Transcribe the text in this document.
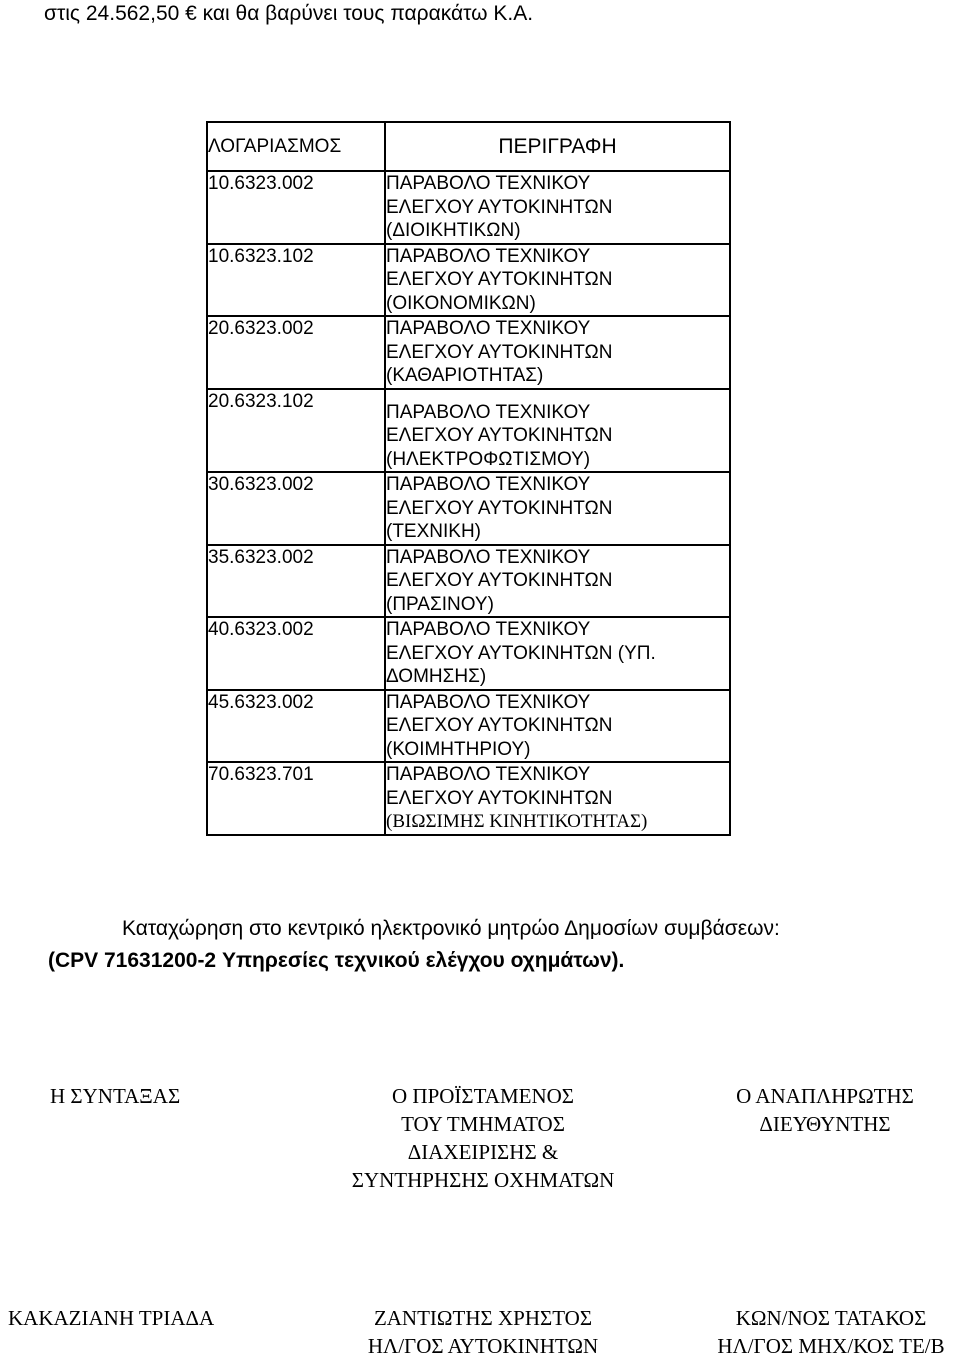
στις 24.562,50 € και θα βαρύνει τους παρακάτω Κ.Α.
ΛΟΓΑΡΙΑΣΜΟΣ	ΠΕΡΙΓΡΑΦΗ
10.6323.002	ΠΑΡΑΒΟΛΟ ΤΕΧΝΙΚΟΥ
ΕΛΕΓΧΟΥ ΑΥΤΟΚΙΝΗΤΩΝ
(ΔΙΟΙΚΗΤΙΚΩΝ)

10.6323.102	ΠΑΡΑΒΟΛΟ ΤΕΧΝΙΚΟΥ
ΕΛΕΓΧΟΥ ΑΥΤΟΚΙΝΗΤΩΝ
(ΟΙΚΟΝΟΜΙΚΩΝ)

20.6323.002	ΠΑΡΑΒΟΛΟ ΤΕΧΝΙΚΟΥ
ΕΛΕΓΧΟΥ ΑΥΤΟΚΙΝΗΤΩΝ
(ΚΑΘΑΡΙΟΤΗΤΑΣ)

20.6323.102	ΠΑΡΑΒΟΛΟ ΤΕΧΝΙΚΟΥ
ΕΛΕΓΧΟΥ ΑΥΤΟΚΙΝΗΤΩΝ
(ΗΛΕΚΤΡΟΦΩΤΙΣΜΟΥ)

30.6323.002	ΠΑΡΑΒΟΛΟ ΤΕΧΝΙΚΟΥ
ΕΛΕΓΧΟΥ ΑΥΤΟΚΙΝΗΤΩΝ
(ΤΕΧΝΙΚΗ)

35.6323.002	ΠΑΡΑΒΟΛΟ ΤΕΧΝΙΚΟΥ
ΕΛΕΓΧΟΥ ΑΥΤΟΚΙΝΗΤΩΝ
(ΠΡΑΣΙΝΟΥ)

40.6323.002	ΠΑΡΑΒΟΛΟ ΤΕΧΝΙΚΟΥ
ΕΛΕΓΧΟΥ ΑΥΤΟΚΙΝΗΤΩΝ (ΥΠ.
ΔΟΜΗΣΗΣ)

45.6323.002	ΠΑΡΑΒΟΛΟ ΤΕΧΝΙΚΟΥ
ΕΛΕΓΧΟΥ ΑΥΤΟΚΙΝΗΤΩΝ
(ΚΟΙΜΗΤΗΡΙΟΥ)

70.6323.701	ΠΑΡΑΒΟΛΟ ΤΕΧΝΙΚΟΥ
ΕΛΕΓΧΟΥ ΑΥΤΟΚΙΝΗΤΩΝ
(ΒΙΩΣΙΜΗΣ ΚΙΝΗΤΙΚΟΤΗΤΑΣ)
Καταχώρηση στο κεντρικό ηλεκτρονικό μητρώο Δημοσίων συμβάσεων:
(CPV 71631200-2 Υπηρεσίες τεχνικού ελέγχου οχημάτων).
Η ΣΥΝΤΑΞΑΣ	Ο ΠΡΟΪΣΤΑΜΕΝΟΣ
ΤΟΥ ΤΜΗΜΑΤΟΣ
ΔΙΑΧΕΙΡΙΣΗΣ &
ΣΥΝΤΗΡΗΣΗΣ ΟΧΗΜΑΤΩΝ
Ο ΑΝΑΠΛΗΡΩΤΗΣ
ΔΙΕΥΘΥΝΤΗΣ
ΚΑΚΑΖΙΑΝΗ ΤΡΙΑΔΑ	ΖΑΝΤΙΩΤΗΣ ΧΡΗΣΤΟΣ
ΗΛ/ΓΟΣ ΑΥΤΟΚΙΝΗΤΩΝ
ΚΩΝ/ΝΟΣ ΤΑΤΑΚΟΣ
ΗΛ/ΓΟΣ ΜΗΧ/ΚΟΣ ΤΕ/Β
